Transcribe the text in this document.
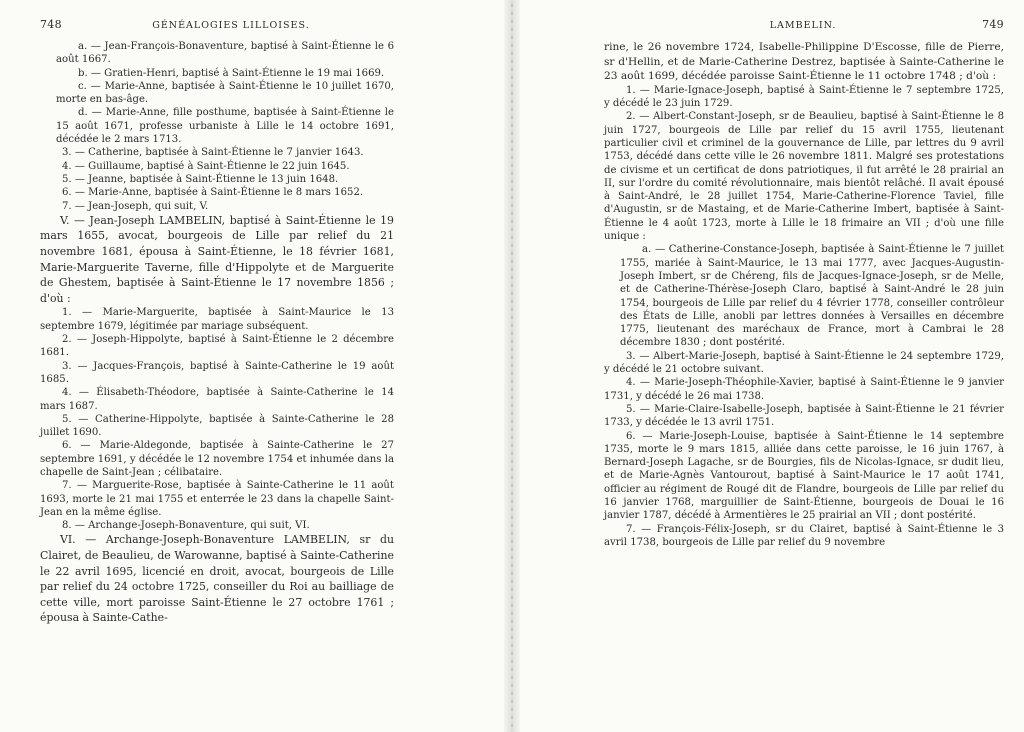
748	GÉNÉALOGIES LILLOISES.

a. — Jean-François-Bonaventure, baptisé à Saint-Étienne le 6 août 1667.

b. — Gratien-Henri, baptisé à Saint-Étienne le 19 mai 1669.

c. — Marie-Anne, baptisée à Saint-Étienne le 10 juillet 1670, morte en bas-âge.

d. — Marie-Anne, fille posthume, baptisée à Saint-Étienne le 15 août 1671, professe urbaniste à Lille le 14 octobre 1691, décédée le 2 mars 1713.

3. — Catherine, baptisée à Saint-Étienne le 7 janvier 1643.

4. — Guillaume, baptisé à Saint-Étienne le 22 juin 1645.

5. — Jeanne, baptisée à Saint-Étienne le 13 juin 1648.

6. — Marie-Anne, baptisée à Saint-Étienne le 8 mars 1652.

7. — Jean-Joseph, qui suit, V.

V. — Jean-Joseph LAMBELIN, baptisé à Saint-Étienne le 19 mars 1655, avocat, bourgeois de Lille par relief du 21 novembre 1681, épousa à Saint-Étienne, le 18 février 1681, Marie-Marguerite Taverne, fille d'Hippolyte et de Marguerite de Ghestem, baptisée à Saint-Étienne le 17 novembre 1856 ; d'où :

1. — Marie-Marguerite, baptisée à Saint-Maurice le 13 septembre 1679, légitimée par mariage subséquent.

2. — Joseph-Hippolyte, baptisé à Saint-Étienne le 2 décembre 1681.

3. — Jacques-François, baptisé à Sainte-Catherine le 19 août 1685.

4. — Élisabeth-Théodore, baptisée à Sainte-Catherine le 14 mars 1687.

5. — Catherine-Hippolyte, baptisée à Sainte-Catherine le 28 juillet 1690.

6. — Marie-Aldegonde, baptisée à Sainte-Catherine le 27 septembre 1691, y décédée le 12 novembre 1754 et inhumée dans la chapelle de Saint-Jean ; célibataire.

7. — Marguerite-Rose, baptisée à Sainte-Catherine le 11 août 1693, morte le 21 mai 1755 et enterrée le 23 dans la chapelle Saint-Jean en la même église.

8. — Archange-Joseph-Bonaventure, qui suit, VI.

VI. — Archange-Joseph-Bonaventure LAMBELIN, sr du Clairet, de Beaulieu, de Warowanne, baptisé à Sainte-Catherine le 22 avril 1695, licencié en droit, avocat, bourgeois de Lille par relief du 24 octobre 1725, conseiller du Roi au bailliage de cette ville, mort paroisse Saint-Étienne le 27 octobre 1761 ; épousa à Sainte-Cathe-

LAMBELIN.	749

rine, le 26 novembre 1724, Isabelle-Philippine D'Escosse, fille de Pierre, sr d'Hellin, et de Marie-Catherine Destrez, baptisée à Sainte-Catherine le 23 août 1699, décédée paroisse Saint-Étienne le 11 octobre 1748 ; d'où :

1. — Marie-Ignace-Joseph, baptisé à Saint-Étienne le 7 septembre 1725, y décédé le 23 juin 1729.

2. — Albert-Constant-Joseph, sr de Beaulieu, baptisé à Saint-Étienne le 8 juin 1727, bourgeois de Lille par relief du 15 avril 1755, lieutenant particulier civil et criminel de la gouvernance de Lille, par lettres du 9 avril 1753, décédé dans cette ville le 26 novembre 1811. Malgré ses protestations de civisme et un certificat de dons patriotiques, il fut arrêté le 28 prairial an II, sur l'ordre du comité révolutionnaire, mais bientôt relâché. Il avait épousé à Saint-André, le 28 juillet 1754, Marie-Catherine-Florence Taviel, fille d'Augustin, sr de Mastaing, et de Marie-Catherine Imbert, baptisée à Saint-Étienne le 4 août 1723, morte à Lille le 18 frimaire an VII ; d'où une fille unique :

a. — Catherine-Constance-Joseph, baptisée à Saint-Étienne le 7 juillet 1755, mariée à Saint-Maurice, le 13 mai 1777, avec Jacques-Augustin-Joseph Imbert, sr de Chéreng, fils de Jacques-Ignace-Joseph, sr de Melle, et de Catherine-Thérèse-Joseph Claro, baptisé à Saint-André le 28 juin 1754, bourgeois de Lille par relief du 4 février 1778, conseiller contrôleur des États de Lille, anobli par lettres données à Versailles en décembre 1775, lieutenant des maréchaux de France, mort à Cambrai le 28 décembre 1830 ; dont postérité.

3. — Albert-Marie-Joseph, baptisé à Saint-Étienne le 24 septembre 1729, y décédé le 21 octobre suivant.

4. — Marie-Joseph-Théophile-Xavier, baptisé à Saint-Étienne le 9 janvier 1731, y décédé le 26 mai 1738.

5. — Marie-Claire-Isabelle-Joseph, baptisée à Saint-Étienne le 21 février 1733, y décédée le 13 avril 1751.

6. — Marie-Joseph-Louise, baptisée à Saint-Étienne le 14 septembre 1735, morte le 9 mars 1815, alliée dans cette paroisse, le 16 juin 1767, à Bernard-Joseph Lagache, sr de Bourgies, fils de Nicolas-Ignace, sr dudit lieu, et de Marie-Agnès Vantourout, baptisé à Saint-Maurice le 17 août 1741, officier au régiment de Rougé dit de Flandre, bourgeois de Lille par relief du 16 janvier 1768, marguillier de Saint-Étienne, bourgeois de Douai le 16 janvier 1787, décédé à Armentières le 25 prairial an VII ; dont postérité.

7. — François-Félix-Joseph, sr du Clairet, baptisé à Saint-Étienne le 3 avril 1738, bourgeois de Lille par relief du 9 novembre
